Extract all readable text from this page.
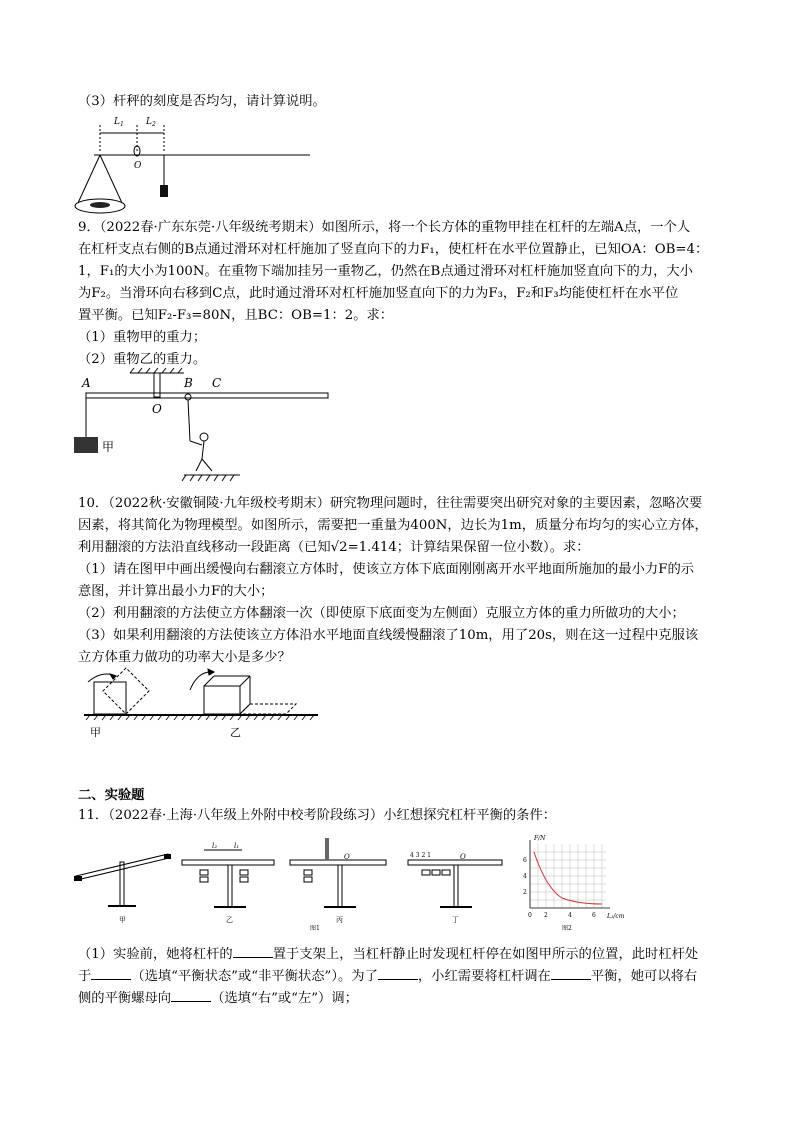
（3）杆秤的刻度是否均匀，请计算说明。
$L_1$ $L_2$
O
9．（2022春·广东东莞·八年级统考期末）如图所示，将一个长方体的重物甲挂在杠杆的左端A点，一个人
在杠杆支点右侧的B点通过滑环对杠杆施加了竖直向下的力F₁，使杠杆在水平位置静止，已知OA：OB=4：
1，F₁的大小为100N。在重物下端加挂另一重物乙，仍然在B点通过滑环对杠杆施加竖直向下的力，大小
为F₂。当滑环向右移到C点，此时通过滑环对杠杆施加竖直向下的力为F₃，F₂和F₃均能使杠杆在水平位
置平衡。已知F₂-F₃=80N，且BC：OB=1：2。求：
（1）重物甲的重力；
（2）重物乙的重力。
A	B C
O
甲
10．（2022秋·安徽铜陵·九年级校考期末）研究物理问题时，往往需要突出研究对象的主要因素，忽略次要
因素，将其简化为物理模型。如图所示，需要把一重量为400N，边长为1m，质量分布均匀的实心立方体，
利用翻滚的方法沿直线移动一段距离（已知√2=1.414；计算结果保留一位小数）。求：
（1）请在图甲中画出缓慢向右翻滚立方体时，使该立方体下底面刚刚离开水平地面所施加的最小力F的示
意图，并计算出最小力F的大小；
（2）利用翻滚的方法使立方体翻滚一次（即使原下底面变为左侧面）克服立方体的重力所做功的大小；
（3）如果利用翻滚的方法使该立方体沿水平地面直线缓慢翻滚了10m，用了20s，则在这一过程中克服该
立方体重力做功的功率大小是多少？
甲	乙
二、实验题
11．（2022春·上海·八年级上外附中校考阶段练习）小红想探究杠杆平衡的条件：
甲
l₂ l₁
乙
O
丙
图1
4 3 2 1	O
丁
F/N
L₁/cm
6
4
2
0 2	4	6
图2
（1）实验前，她将杠杆的	置于支架上，当杠杆静止时发现杠杆停在如图甲所示的位置，此时杠杆处
于	（选填“平衡状态”或“非平衡状态”）。为了	，小红需要将杠杆调在	平衡，她可以将右
侧的平衡螺母向	（选填“右”或“左”）调；
